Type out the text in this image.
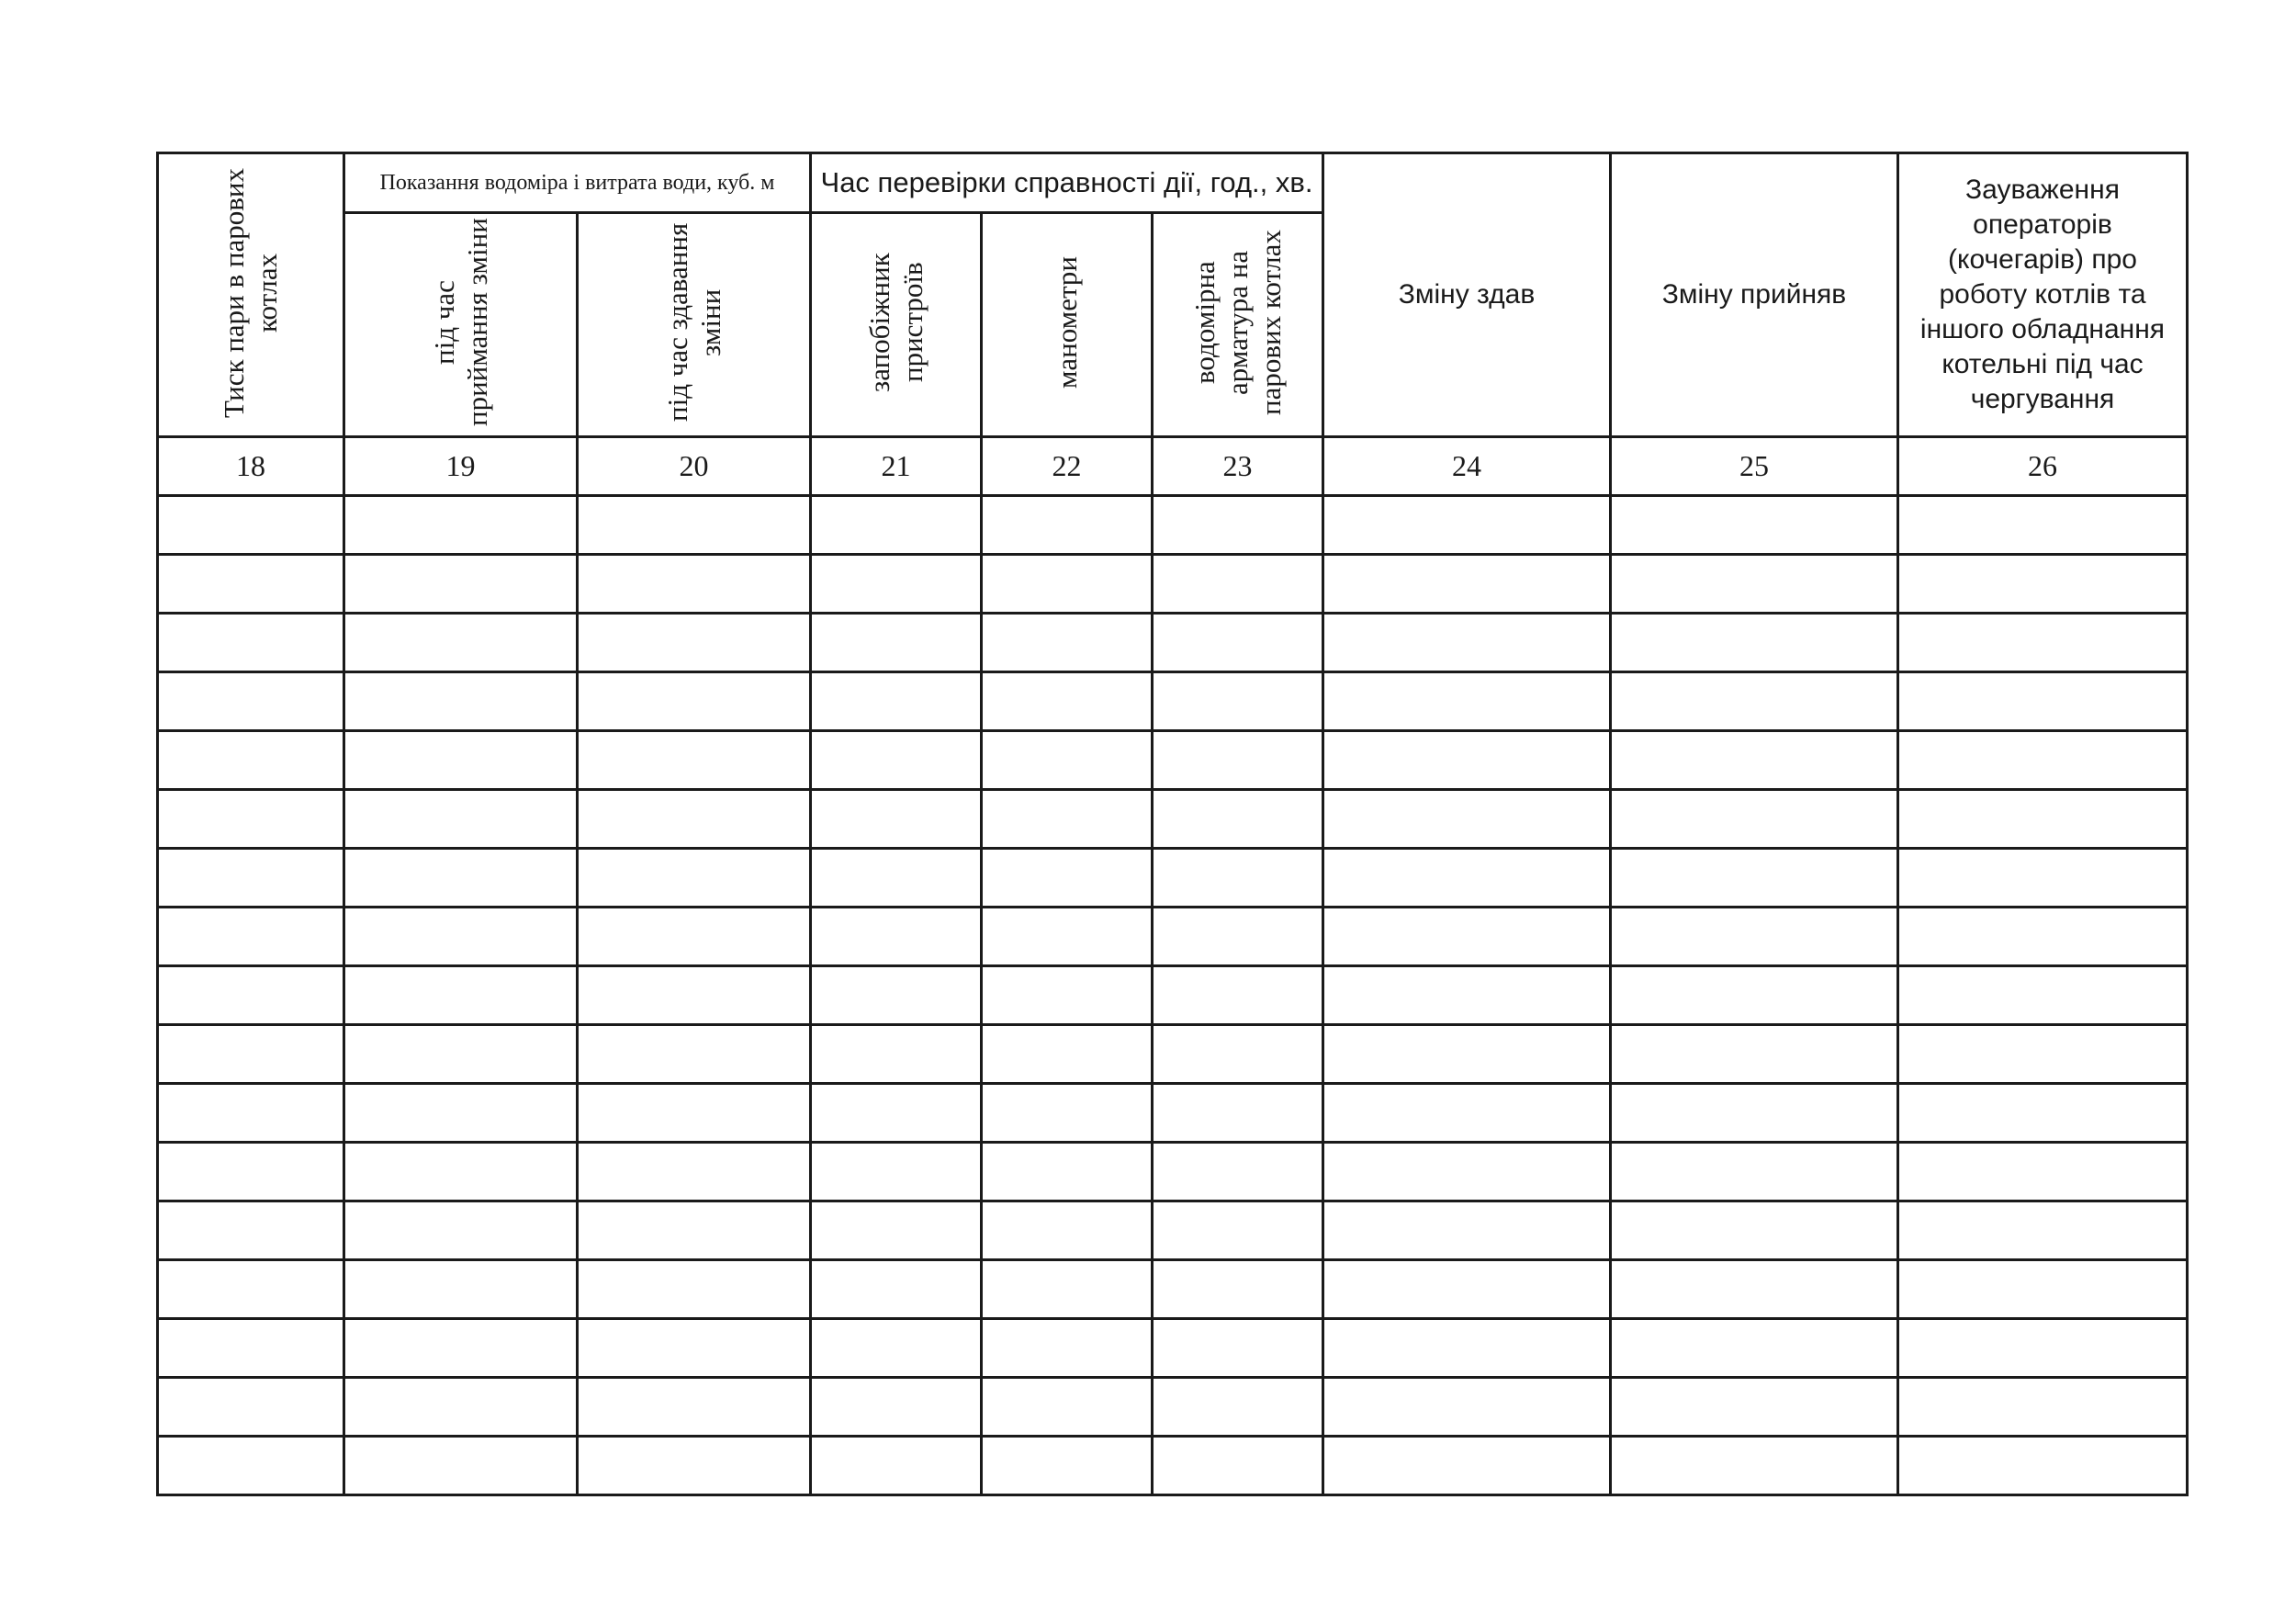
Тиск пари в парових котлах	Показання водоміра і витрата води, куб. м		Час перевірки справності дії, год., хв.			Зміну здав	Зміну прийняв	Зауваження операторів (кочегарів) про роботу котлів та іншого обладнання котельні під час чергування

	під час приймання зміни	під час здавання зміни	запобіжник пристроїв	манометри	водомірна арматура на парових котлах			
18	19	20	21	22	23	24	25	26
